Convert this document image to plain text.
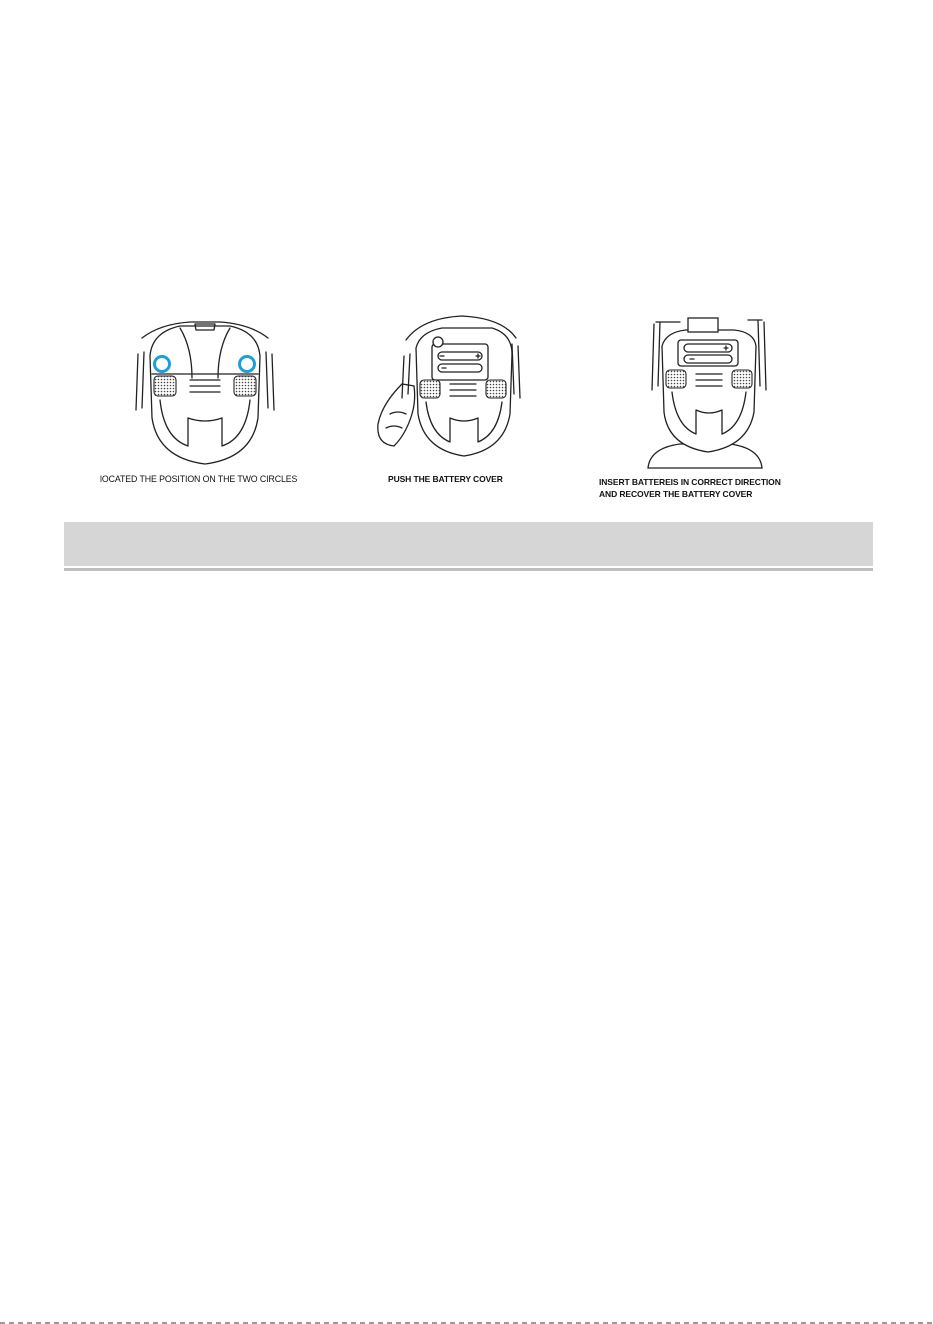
lOCATED THE POSITION ON THE TWO CIRCLES	PUSH THE BATTERY COVER	INSERT BATTEREIS IN CORRECT DIRECTION
AND RECOVER THE BATTERY COVER
